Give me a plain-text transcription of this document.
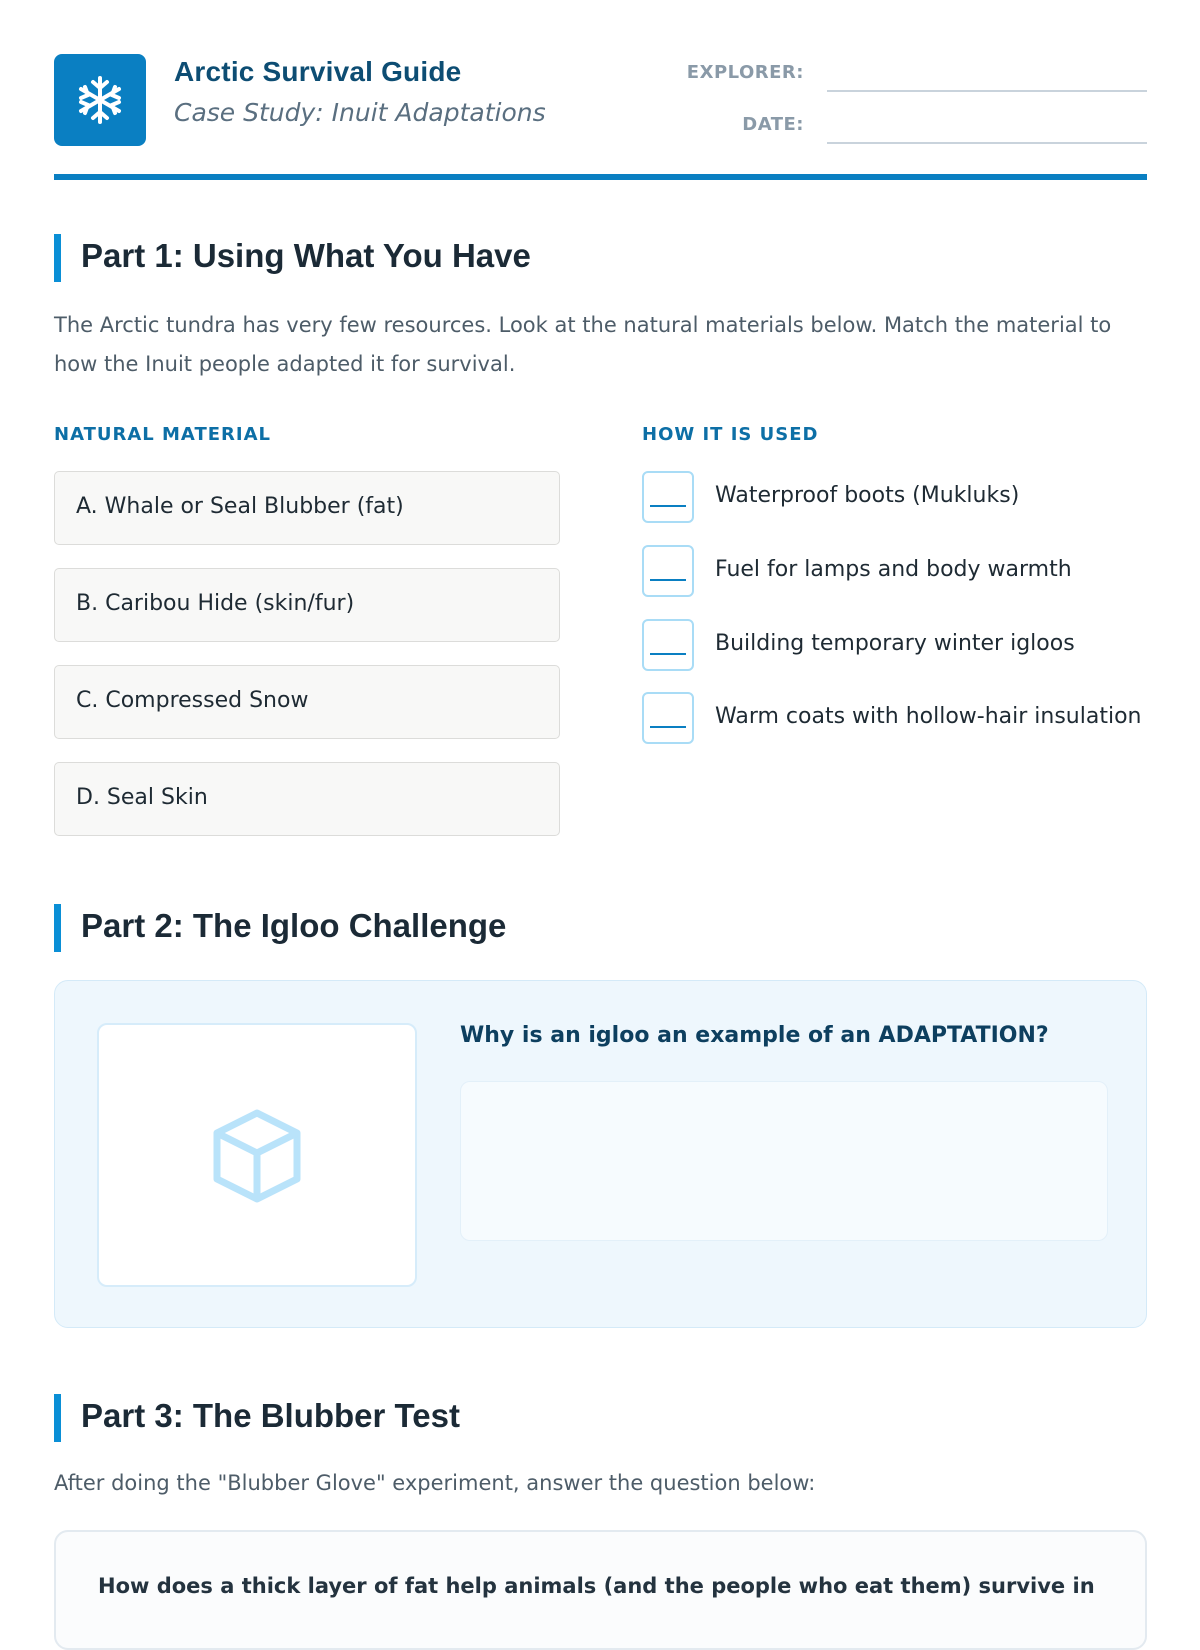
Arctic Survival Guide
Case Study: Inuit Adaptations
EXPLORER:
DATE:
Part 1: Using What You Have
The Arctic tundra has very few resources. Look at the natural materials below. Match the material to how the Inuit people adapted it for survival.
NATURAL MATERIAL	HOW IT IS USED
A. Whale or Seal Blubber (fat)
B. Caribou Hide (skin/fur)
C. Compressed Snow
D. Seal Skin
Waterproof boots (Mukluks)
Fuel for lamps and body warmth
Building temporary winter igloos
Warm coats with hollow-hair insulation
Part 2: The Igloo Challenge
Why is an igloo an example of an ADAPTATION?
Part 3: The Blubber Test
After doing the "Blubber Glove" experiment, answer the question below:
How does a thick layer of fat help animals (and the people who eat them) survive in
